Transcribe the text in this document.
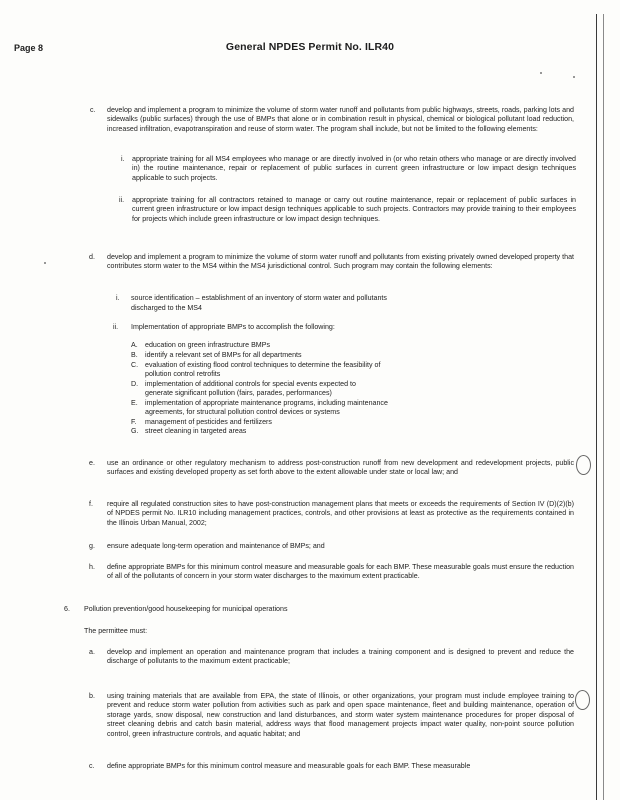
Page 8	General NPDES Permit No. ILR40
c. develop and implement a program to minimize the volume of storm water runoff and pollutants from public highways, streets, roads, parking lots and sidewalks (public surfaces) through the use of BMPs that alone or in combination result in physical, chemical or biological pollutant load reduction, increased infiltration, evapotranspiration and reuse of storm water. The program shall include, but not be limited to the following elements:
i. appropriate training for all MS4 employees who manage or are directly involved in (or who retain others who manage or are directly involved in) the routine maintenance, repair or replacement of public surfaces in current green infrastructure or low impact design techniques applicable to such projects.
ii. appropriate training for all contractors retained to manage or carry out routine maintenance, repair or replacement of public surfaces in current green infrastructure or low impact design techniques applicable to such projects. Contractors may provide training to their employees for projects which include green infrastructure or low impact design techniques.
d. develop and implement a program to minimize the volume of storm water runoff and pollutants from existing privately owned developed property that contributes storm water to the MS4 within the MS4 jurisdictional control. Such program may contain the following elements:
i. source identification – establishment of an inventory of storm water and pollutants
discharged to the MS4
ii. Implementation of appropriate BMPs to accomplish the following:
A. education on green infrastructure BMPs
B. identify a relevant set of BMPs for all departments
C. evaluation of existing flood control techniques to determine the feasibility of
pollution control retrofits
D. implementation of additional controls for special events expected to
generate significant pollution (fairs, parades, performances)
E. implementation of appropriate maintenance programs, including maintenance
agreements, for structural pollution control devices or systems
F. management of pesticides and fertilizers
G. street cleaning in targeted areas
e. use an ordinance or other regulatory mechanism to address post-construction runoff from new development and redevelopment projects, public surfaces and existing developed property as set forth above to the extent allowable under state or local law; and
f. require all regulated construction sites to have post-construction management plans that meets or exceeds the requirements of Section IV (D)(2)(b) of NPDES permit No. ILR10 including management practices, controls, and other provisions at least as protective as the requirements contained in the Illinois Urban Manual, 2002;
g. ensure adequate long-term operation and maintenance of BMPs; and
h. define appropriate BMPs for this minimum control measure and measurable goals for each BMP. These measurable goals must ensure the reduction of all of the pollutants of concern in your storm water discharges to the maximum extent practicable.
6. Pollution prevention/good housekeeping for municipal operations
The permittee must:
a. develop and implement an operation and maintenance program that includes a training component and is designed to prevent and reduce the discharge of pollutants to the maximum extent practicable;
b. using training materials that are available from EPA, the state of Illinois, or other organizations, your program must include employee training to prevent and reduce storm water pollution from activities such as park and open space maintenance, fleet and building maintenance, operation of storage yards, snow disposal, new construction and land disturbances, and storm water system maintenance procedures for proper disposal of street cleaning debris and catch basin material, address ways that flood management projects impact water quality, non-point source pollution control, green infrastructure controls, and aquatic habitat; and
c. define appropriate BMPs for this minimum control measure and measurable goals for each BMP. These measurable
